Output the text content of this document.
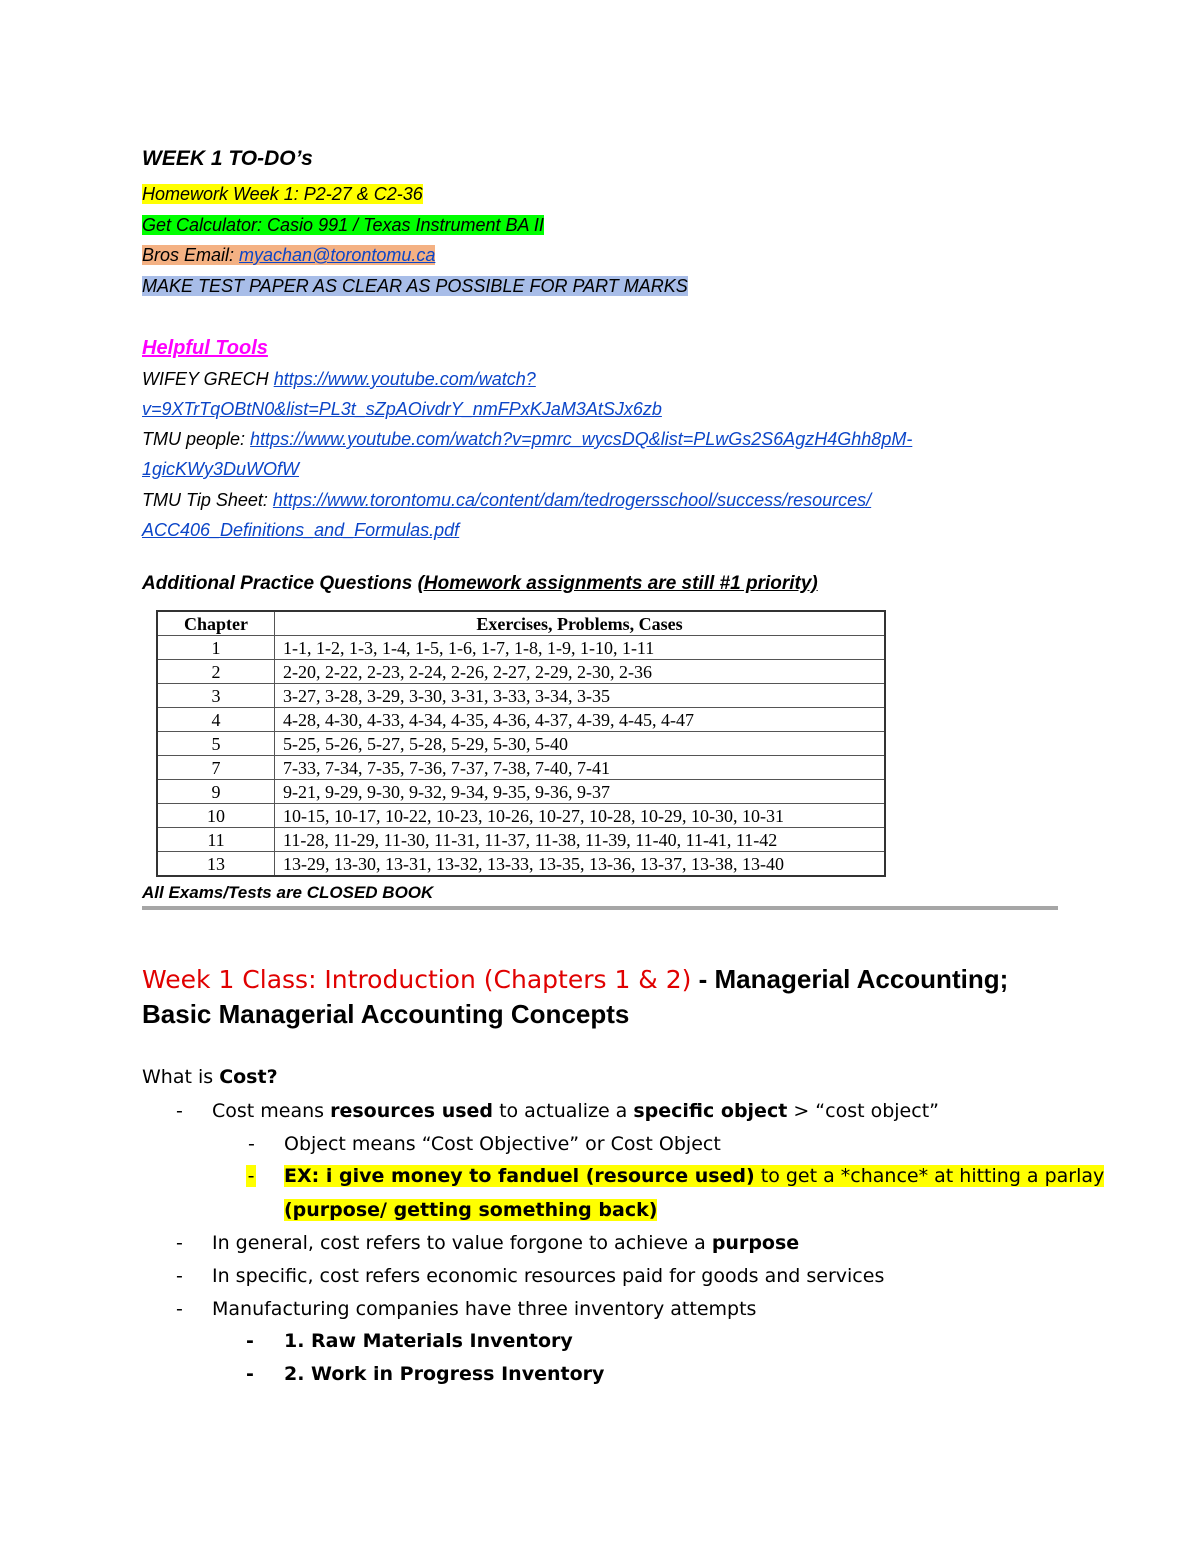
WEEK 1 TO-DO’s
Homework Week 1: P2-27 & C2-36
Get Calculator: Casio 991 / Texas Instrument BA II
Bros Email: myachan@torontomu.ca
MAKE TEST PAPER AS CLEAR AS POSSIBLE FOR PART MARKS
Helpful Tools
WIFEY GRECH https://www.youtube.com/watch?
v=9XTrTqOBtN0&list=PL3t_sZpAOivdrY_nmFPxKJaM3AtSJx6zb
TMU people: https://www.youtube.com/watch?v=pmrc_wycsDQ&list=PLwGs2S6AgzH4Ghh8pM-
1gicKWy3DuWOfW
TMU Tip Sheet: https://www.torontomu.ca/content/dam/tedrogersschool/success/resources/
ACC406_Definitions_and_Formulas.pdf
Additional Practice Questions (Homework assignments are still #1 priority)
Chapter	Exercises, Problems, Cases
1	1-1, 1-2, 1-3, 1-4, 1-5, 1-6, 1-7, 1-8, 1-9, 1-10, 1-11
2	2-20, 2-22, 2-23, 2-24, 2-26, 2-27, 2-29, 2-30, 2-36
3	3-27, 3-28, 3-29, 3-30, 3-31, 3-33, 3-34, 3-35
4	4-28, 4-30, 4-33, 4-34, 4-35, 4-36, 4-37, 4-39, 4-45, 4-47
5	5-25, 5-26, 5-27, 5-28, 5-29, 5-30, 5-40
7	7-33, 7-34, 7-35, 7-36, 7-37, 7-38, 7-40, 7-41
9	9-21, 9-29, 9-30, 9-32, 9-34, 9-35, 9-36, 9-37
10	10-15, 10-17, 10-22, 10-23, 10-26, 10-27, 10-28, 10-29, 10-30, 10-31
11	11-28, 11-29, 11-30, 11-31, 11-37, 11-38, 11-39, 11-40, 11-41, 11-42
13	13-29, 13-30, 13-31, 13-32, 13-33, 13-35, 13-36, 13-37, 13-38, 13-40
All Exams/Tests are CLOSED BOOK
Week 1 Class: Introduction (Chapters 1 & 2) - Managerial Accounting;
Basic Managerial Accounting Concepts
What is Cost?
- Cost means resources used to actualize a specific object > “cost object”
- Object means “Cost Objective” or Cost Object
- EX: i give money to fanduel (resource used) to get a *chance* at hitting a parlay
(purpose/ getting something back)
- In general, cost refers to value forgone to achieve a purpose
- In specific, cost refers economic resources paid for goods and services
- Manufacturing companies have three inventory attempts
- 1. Raw Materials Inventory
- 2. Work in Progress Inventory
